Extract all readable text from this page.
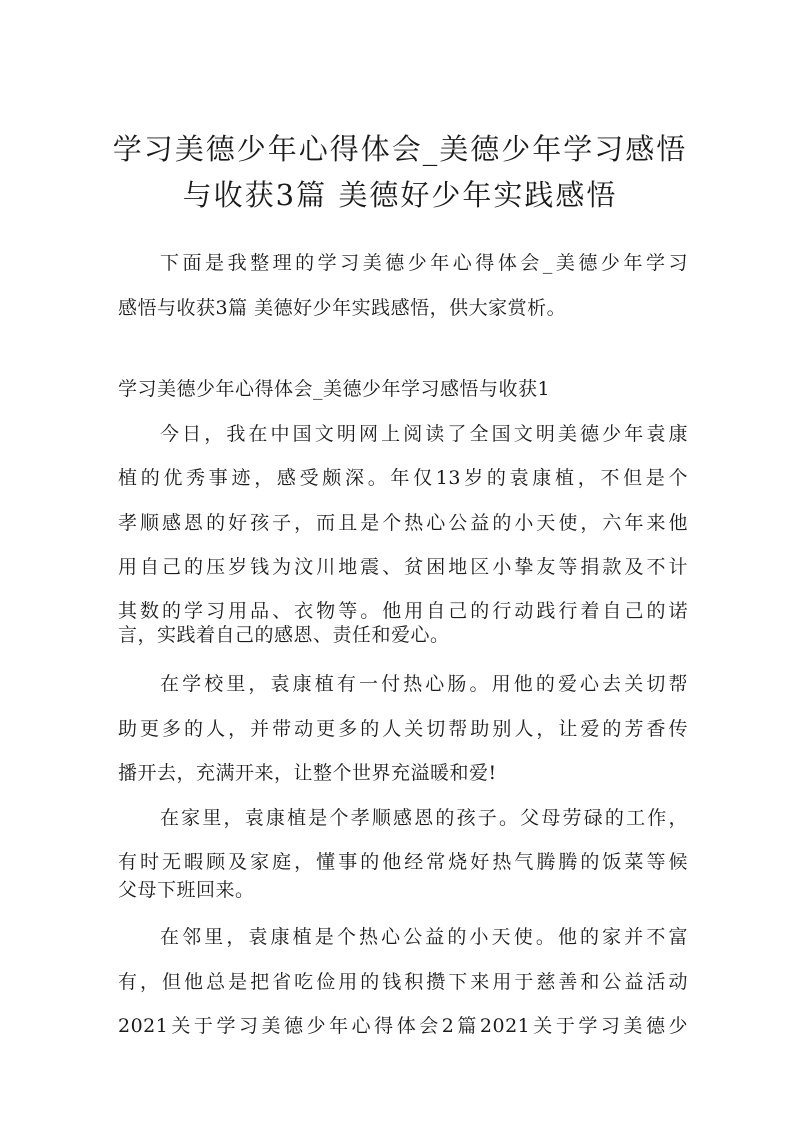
学习美德少年心得体会_美德少年学习感悟
与收获3篇 美德好少年实践感悟
下面是我整理的学习美德少年心得体会_美德少年学习
感悟与收获3篇 美德好少年实践感悟，供大家赏析。
学习美德少年心得体会_美德少年学习感悟与收获1
今日，我在中国文明网上阅读了全国文明美德少年袁康
植的优秀事迹，感受颇深。年仅13岁的袁康植，不但是个
孝顺感恩的好孩子，而且是个热心公益的小天使，六年来他
用自己的压岁钱为汶川地震、贫困地区小挚友等捐款及不计
其数的学习用品、衣物等。他用自己的行动践行着自己的诺
言，实践着自己的感恩、责任和爱心。
在学校里，袁康植有一付热心肠。用他的爱心去关切帮
助更多的人，并带动更多的人关切帮助别人，让爱的芳香传
播开去，充满开来，让整个世界充溢暖和爱!
在家里，袁康植是个孝顺感恩的孩子。父母劳碌的工作，
有时无暇顾及家庭，懂事的他经常烧好热气腾腾的饭菜等候
父母下班回来。
在邻里，袁康植是个热心公益的小天使。他的家并不富
有，但他总是把省吃俭用的钱积攒下来用于慈善和公益活动
2021关于学习美德少年心得体会2篇2021关于学习美德少
